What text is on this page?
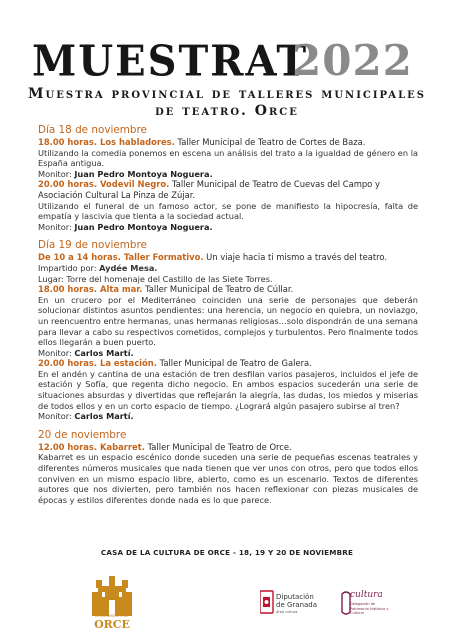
MUESTRAT
2022
Muestra provincial de talleres municipales
de teatro. Orce
Día 18 de noviembre
18.00 horas. Los habladores. Taller Municipal de Teatro de Cortes de Baza.
Utilizando la comedia ponemos en escena un análisis del trato a la igualdad de género en la España antigua.
Monitor: Juan Pedro Montoya Noguera.
20.00 horas. Vodevil Negro. Taller Municipal de Teatro de Cuevas del Campo y Asociación Cultural La Pinza de Zújar.
Utilizando el funeral de un famoso actor, se pone de manifiesto la hipocresía, falta de empatía y lascivia que tienta a la sociedad actual.
Monitor: Juan Pedro Montoya Noguera.
Día 19 de noviembre
De 10 a 14 horas. Taller Formativo. Un viaje hacia ti mismo a través del teatro.
Impartido por: Aydée Mesa.
Lugar: Torre del homenaje del Castillo de las Siete Torres.
18.00 horas. Alta mar. Taller Municipal de Teatro de Cúllar.
En un crucero por el Mediterráneo coinciden una serie de personajes que deberán solucionar distintos asuntos pendientes: una herencia, un negocio en quiebra, un noviazgo, un reencuentro entre hermanas, unas hermanas religiosas…solo dispondrán de una semana para llevar a cabo su respectivos cometidos, complejos y turbulentos. Pero finalmente todos ellos llegarán a buen puerto.
Monitor: Carlos Martí.
20.00 horas. La estación. Taller Municipal de Teatro de Galera.
En el andén y cantina de una estación de tren desfilan varios pasajeros, incluidos el jefe de estación y Sofía, que regenta dicho negocio. En ambos espacios sucederán una serie de situaciones absurdas y divertidas que reflejarán la alegría, las dudas, los miedos y miserias de todos ellos y en un corto espacio de tiempo. ¿Logrará algún pasajero subirse al tren?
Monitor: Carlos Martí.
20 de noviembre
12.00 horas. Kabarret. Taller Municipal de Teatro de Orce.
Kabarret es un espacio escénico donde suceden una serie de pequeñas escenas teatrales y diferentes números musicales que nada tienen que ver unos con otros, pero que todos ellos conviven en un mismo espacio libre, abierto, como es un escenario. Textos de diferentes autores que nos divierten, pero también nos hacen reflexionar con piezas musicales de épocas y estilos diferentes donde nada es lo que parece.
CASA DE LA CULTURA DE ORCE - 18, 19 Y 20 DE NOVIEMBRE
AYUNTAMIENTO DE
ORCE
Diputación
de Granada
Área cultura
cultura
Delegación de Patrimonio Histórico y Cultural
